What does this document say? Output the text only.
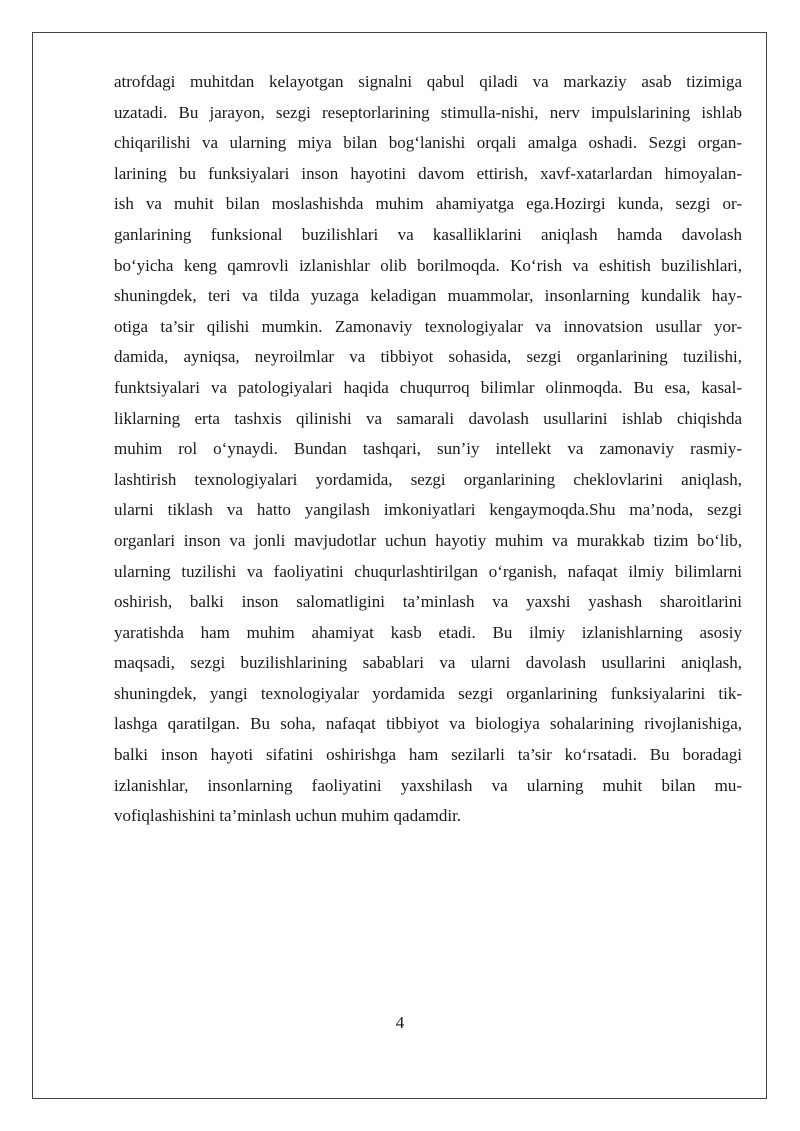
atrofdagi muhitdan kelayotgan signalni qabul qiladi va markaziy asab tizimiga
uzatadi. Bu jarayon, sezgi reseptorlarining stimulla-nishi, nerv impulslarining ishlab
chiqarilishi va ularning miya bilan bog‘lanishi orqali amalga oshadi. Sezgi organ-
larining bu funksiyalari inson hayotini davom ettirish, xavf-xatarlardan himoyalan-
ish va muhit bilan moslashishda muhim ahamiyatga ega.Hozirgi kunda, sezgi or-
ganlarining funksional buzilishlari va kasalliklarini aniqlash hamda davolash
bo‘yicha keng qamrovli izlanishlar olib borilmoqda. Ko‘rish va eshitish buzilishlari,
shuningdek, teri va tilda yuzaga keladigan muammolar, insonlarning kundalik hay-
otiga ta’sir qilishi mumkin. Zamonaviy texnologiyalar va innovatsion usullar yor-
damida, ayniqsa, neyroilmlar va tibbiyot sohasida, sezgi organlarining tuzilishi,
funktsiyalari va patologiyalari haqida chuqurroq bilimlar olinmoqda. Bu esa, kasal-
liklarning erta tashxis qilinishi va samarali davolash usullarini ishlab chiqishda
muhim rol o‘ynaydi. Bundan tashqari, sun’iy intellekt va zamonaviy rasmiy-
lashtirish texnologiyalari yordamida, sezgi organlarining cheklovlarini aniqlash,
ularni tiklash va hatto yangilash imkoniyatlari kengaymoqda.Shu ma’noda, sezgi
organlari inson va jonli mavjudotlar uchun hayotiy muhim va murakkab tizim bo‘lib,
ularning tuzilishi va faoliyatini chuqurlashtirilgan o‘rganish, nafaqat ilmiy bilimlarni
oshirish, balki inson salomatligini ta’minlash va yaxshi yashash sharoitlarini
yaratishda ham muhim ahamiyat kasb etadi. Bu ilmiy izlanishlarning asosiy
maqsadi, sezgi buzilishlarining sabablari va ularni davolash usullarini aniqlash,
shuningdek, yangi texnologiyalar yordamida sezgi organlarining funksiyalarini tik-
lashga qaratilgan. Bu soha, nafaqat tibbiyot va biologiya sohalarining rivojlanishiga,
balki inson hayoti sifatini oshirishga ham sezilarli ta’sir ko‘rsatadi. Bu boradagi
izlanishlar, insonlarning faoliyatini yaxshilash va ularning muhit bilan mu-
vofiqlashishini ta’minlash uchun muhim qadamdir.
4
